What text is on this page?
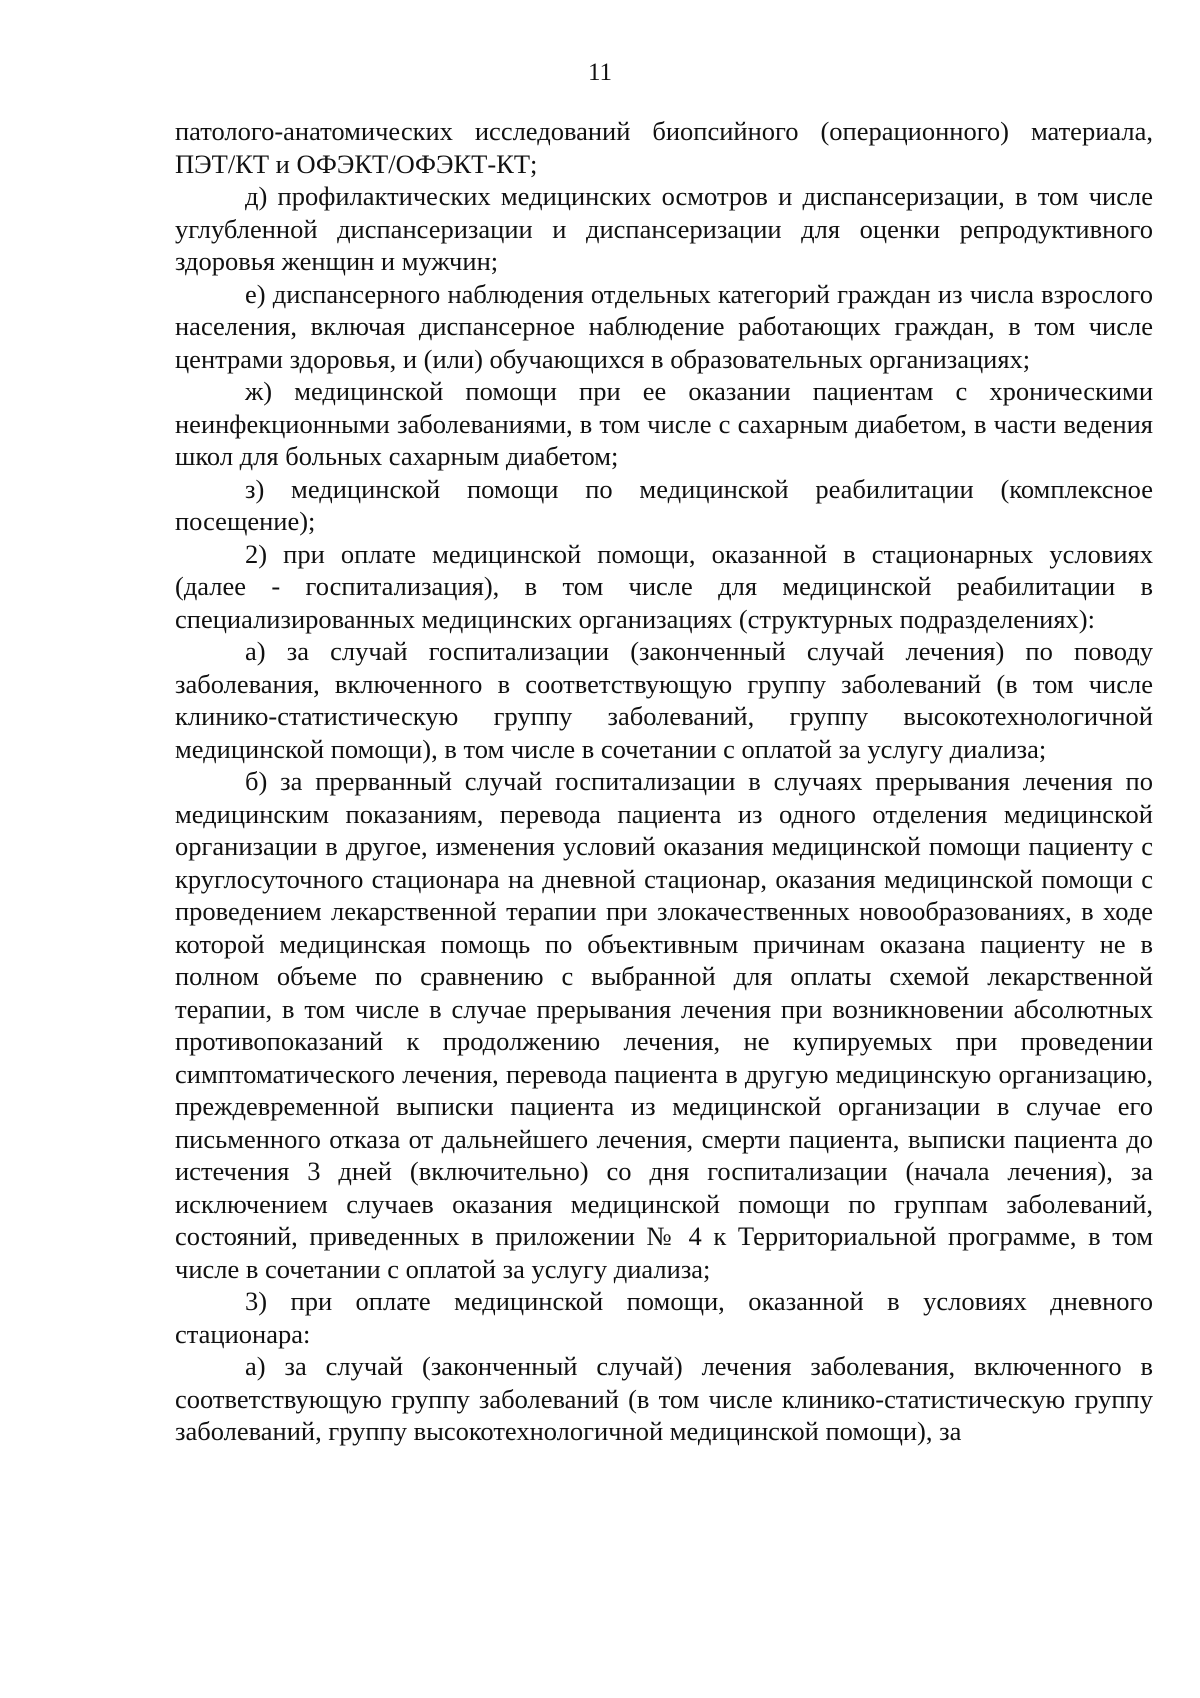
11

патолого-анатомических исследований биопсийного (операционного) материала, ПЭТ/КТ и ОФЭКТ/ОФЭКТ-КТ;

д) профилактических медицинских осмотров и диспансеризации, в том числе углубленной диспансеризации и диспансеризации для оценки репродуктивного здоровья женщин и мужчин;

е) диспансерного наблюдения отдельных категорий граждан из числа взрослого населения, включая диспансерное наблюдение работающих граждан, в том числе центрами здоровья, и (или) обучающихся в образовательных организациях;

ж) медицинской помощи при ее оказании пациентам с хроническими неинфекционными заболеваниями, в том числе с сахарным диабетом, в части ведения школ для больных сахарным диабетом;

з) медицинской помощи по медицинской реабилитации (комплексное посещение);

2) при оплате медицинской помощи, оказанной в стационарных условиях (далее - госпитализация), в том числе для медицинской реабилитации в специализированных медицинских организациях (структурных подразделениях):

а) за случай госпитализации (законченный случай лечения) по поводу заболевания, включенного в соответствующую группу заболеваний (в том числе клинико-статистическую группу заболеваний, группу высокотехнологичной медицинской помощи), в том числе в сочетании с оплатой за услугу диализа;

б) за прерванный случай госпитализации в случаях прерывания лечения по медицинским показаниям, перевода пациента из одного отделения медицинской организации в другое, изменения условий оказания медицинской помощи пациенту с круглосуточного стационара на дневной стационар, оказания медицинской помощи с проведением лекарственной терапии при злокачественных новообразованиях, в ходе которой медицинская помощь по объективным причинам оказана пациенту не в полном объеме по сравнению с выбранной для оплаты схемой лекарственной терапии, в том числе в случае прерывания лечения при возникновении абсолютных противопоказаний к продолжению лечения, не купируемых при проведении симптоматического лечения, перевода пациента в другую медицинскую организацию, преждевременной выписки пациента из медицинской организации в случае его письменного отказа от дальнейшего лечения, смерти пациента, выписки пациента до истечения 3 дней (включительно) со дня госпитализации (начала лечения), за исключением случаев оказания медицинской помощи по группам заболеваний, состояний, приведенных в приложении № 4 к Территориальной программе, в том числе в сочетании с оплатой за услугу диализа;

3) при оплате медицинской помощи, оказанной в условиях дневного стационара:

а) за случай (законченный случай) лечения заболевания, включенного в соответствующую группу заболеваний (в том числе клинико-статистическую группу заболеваний, группу высокотехнологичной медицинской помощи), за
